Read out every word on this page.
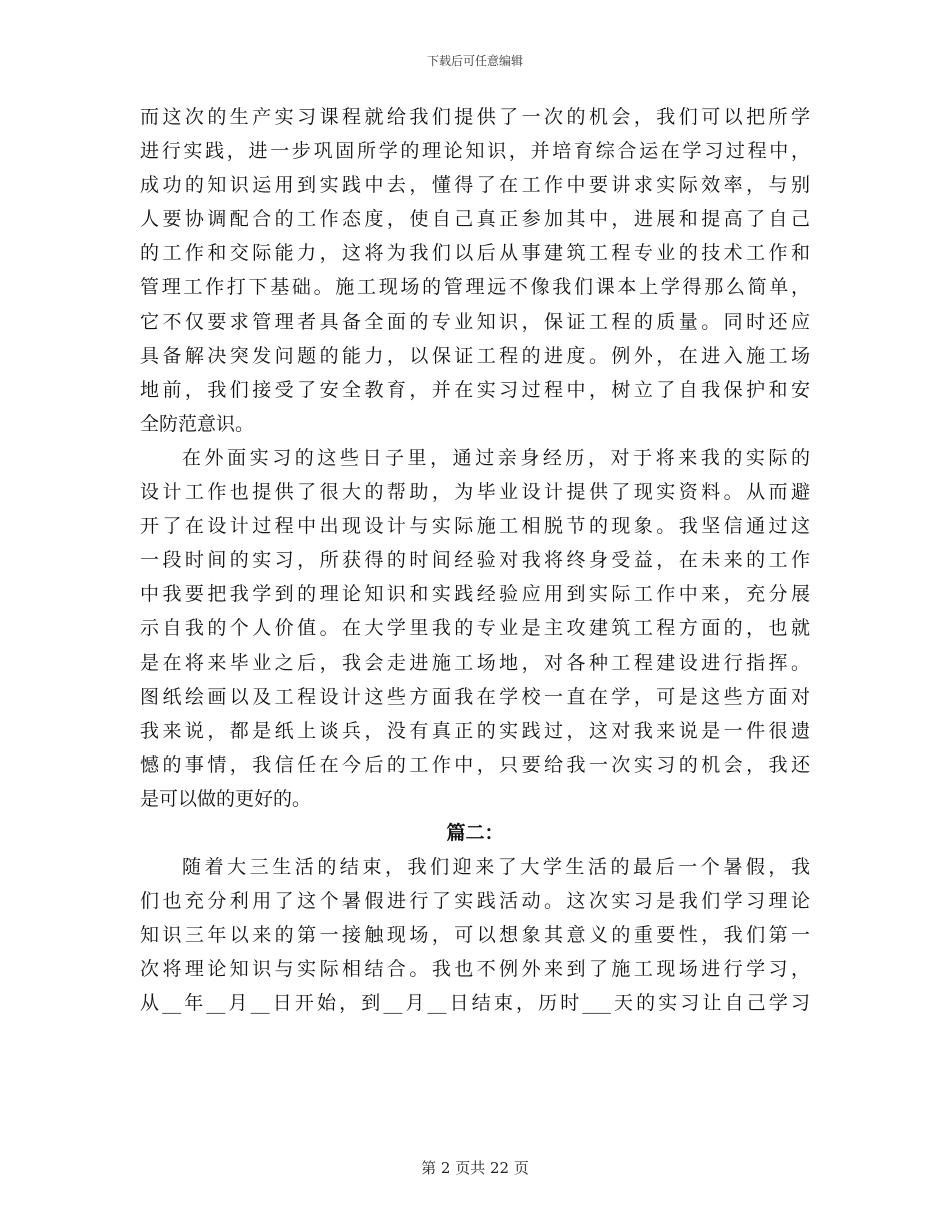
下载后可任意编辑
而这次的生产实习课程就给我们提供了一次的机会，我们可以把所学
进行实践，进一步巩固所学的理论知识，并培育综合运在学习过程中，
成功的知识运用到实践中去，懂得了在工作中要讲求实际效率，与别
人要协调配合的工作态度，使自己真正参加其中，进展和提高了自己
的工作和交际能力，这将为我们以后从事建筑工程专业的技术工作和
管理工作打下基础。施工现场的管理远不像我们课本上学得那么简单，
它不仅要求管理者具备全面的专业知识，保证工程的质量。同时还应
具备解决突发问题的能力，以保证工程的进度。例外，在进入施工场
地前，我们接受了安全教育，并在实习过程中，树立了自我保护和安
全防范意识。
在外面实习的这些日子里，通过亲身经历，对于将来我的实际的
设计工作也提供了很大的帮助，为毕业设计提供了现实资料。从而避
开了在设计过程中出现设计与实际施工相脱节的现象。我坚信通过这
一段时间的实习，所获得的时间经验对我将终身受益，在未来的工作
中我要把我学到的理论知识和实践经验应用到实际工作中来，充分展
示自我的个人价值。在大学里我的专业是主攻建筑工程方面的，也就
是在将来毕业之后，我会走进施工场地，对各种工程建设进行指挥。
图纸绘画以及工程设计这些方面我在学校一直在学，可是这些方面对
我来说，都是纸上谈兵，没有真正的实践过，这对我来说是一件很遗
憾的事情，我信任在今后的工作中，只要给我一次实习的机会，我还
是可以做的更好的。
篇二：
随着大三生活的结束，我们迎来了大学生活的最后一个暑假，我
们也充分利用了这个暑假进行了实践活动。这次实习是我们学习理论
知识三年以来的第一接触现场，可以想象其意义的重要性，我们第一
次将理论知识与实际相结合。我也不例外来到了施工现场进行学习，
从__年__月__日开始，到__月__日结束，历时___天的实习让自己学习
第 2 页共 22 页
